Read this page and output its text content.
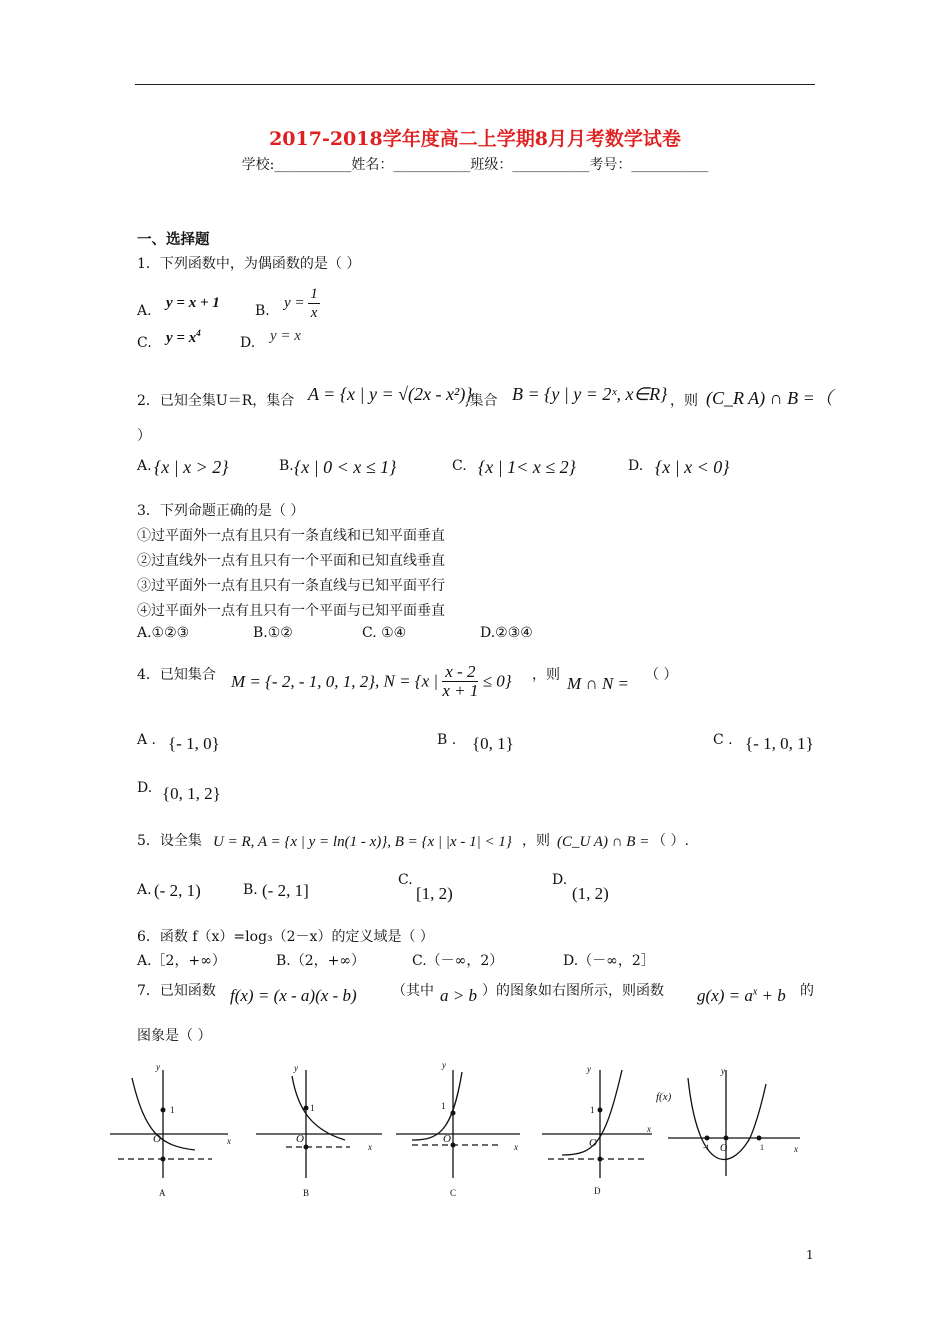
2017-2018学年度高二上学期8月月考数学试卷
学校:___________姓名：___________班级：___________考号：___________
一、选择题
1．下列函数中，为偶函数的是（ ）
A. y = x + 1	B. $y = \frac{1}{x}$
C. $y = x^4$
D. y = x
2．已知全集U＝R，集合 A = {x | y = √(2x - x²)}
,集合 B = {y | y = 2ˣ, x∈R} ，则 (C_R A) ∩ B =（
）
A. {x | x > 2}	B. {x | 0 < x ≤ 1}	C. {x | 1< x ≤ 2}	D. {x | x < 0}
3．下列命题正确的是（ ）
①过平面外一点有且只有一条直线和已知平面垂直
②过直线外一点有且只有一个平面和已知直线垂直
③过平面外一点有且只有一条直线与已知平面平行
④过平面外一点有且只有一个平面与已知平面垂直
A.①②③	B.①②	C. ①④	D.②③④
4．已知集合 M = {- 2, - 1, 0, 1, 2} , N = {x | $\frac{x - 2}{x + 1} \le 0$} ，则 M ∩ N = （ ）
A . {- 1, 0}	B . {0, 1}	C . {- 1, 0, 1}
D. {0, 1, 2}
5．设全集 U = R, A = {x | y = ln(1 - x)}, B = {x | |x - 1| < 1} ，则 (C_U A) ∩ B = （ ）.
A. (- 2, 1)	B. (- 2, 1]
C.
[1, 2)
D.
(1, 2)
6．函数 f（x）=log₃（2－x）的定义域是（ ）
A.［2，+∞）	B.（2，+∞）	C.（－∞，2）	D.（－∞，2］
7．已知函数 f(x) = (x - a)(x - b)	（其中 a > b ）的图象如右图所示，则函数 $g(x) = a^x + b$ 的
图象是（ ）
y
x
O
1
A
y
x
O
1
B
y
x
O
1
C
y
x
O
1
D
y
x
f(x)
-1 O	1
1
